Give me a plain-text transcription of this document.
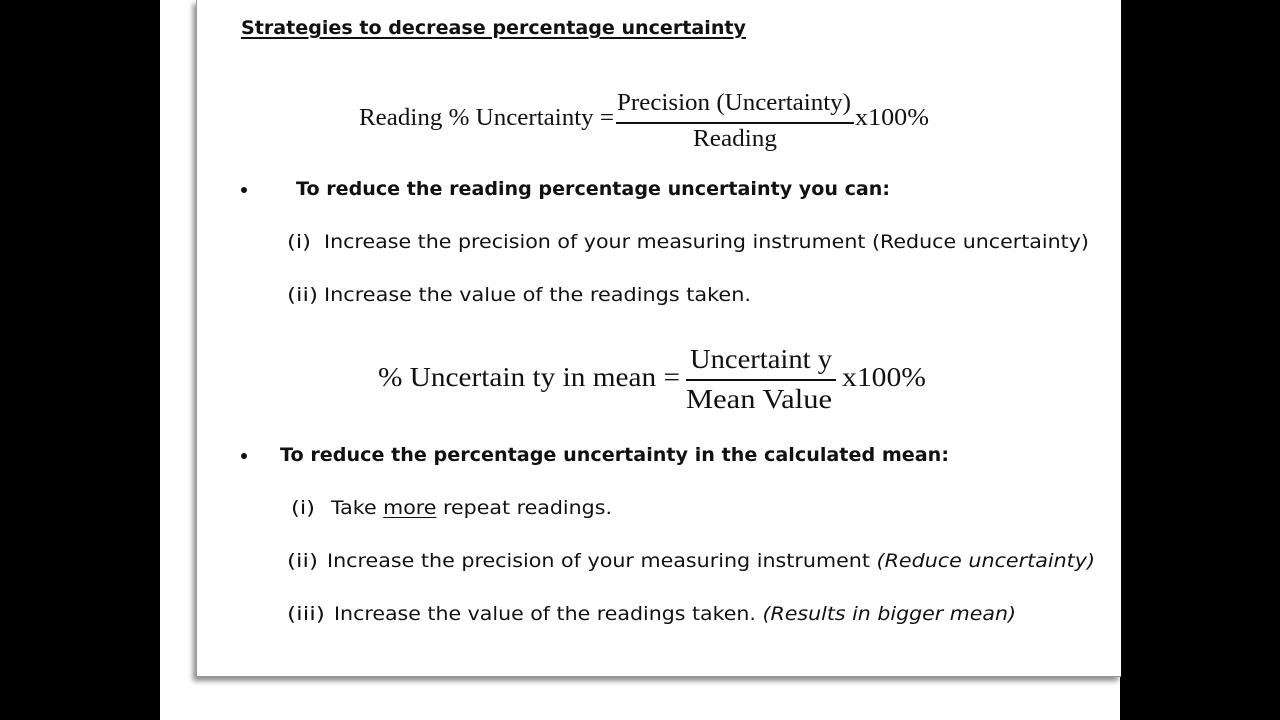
Strategies to decrease percentage uncertainty
Reading % Uncertainty =
Precision (Uncertainty)
Reading
x100%
To reduce the reading percentage uncertainty you can:
(i) Increase the precision of your measuring instrument (Reduce uncertainty)
(ii) Increase the value of the readings taken.
% Uncertain ty in mean =
Uncertaint y
Mean Value
x100%
To reduce the percentage uncertainty in the calculated mean:
(i) Take more repeat readings.
(ii) Increase the precision of your measuring instrument (Reduce uncertainty)
(iii) Increase the value of the readings taken. (Results in bigger mean)
